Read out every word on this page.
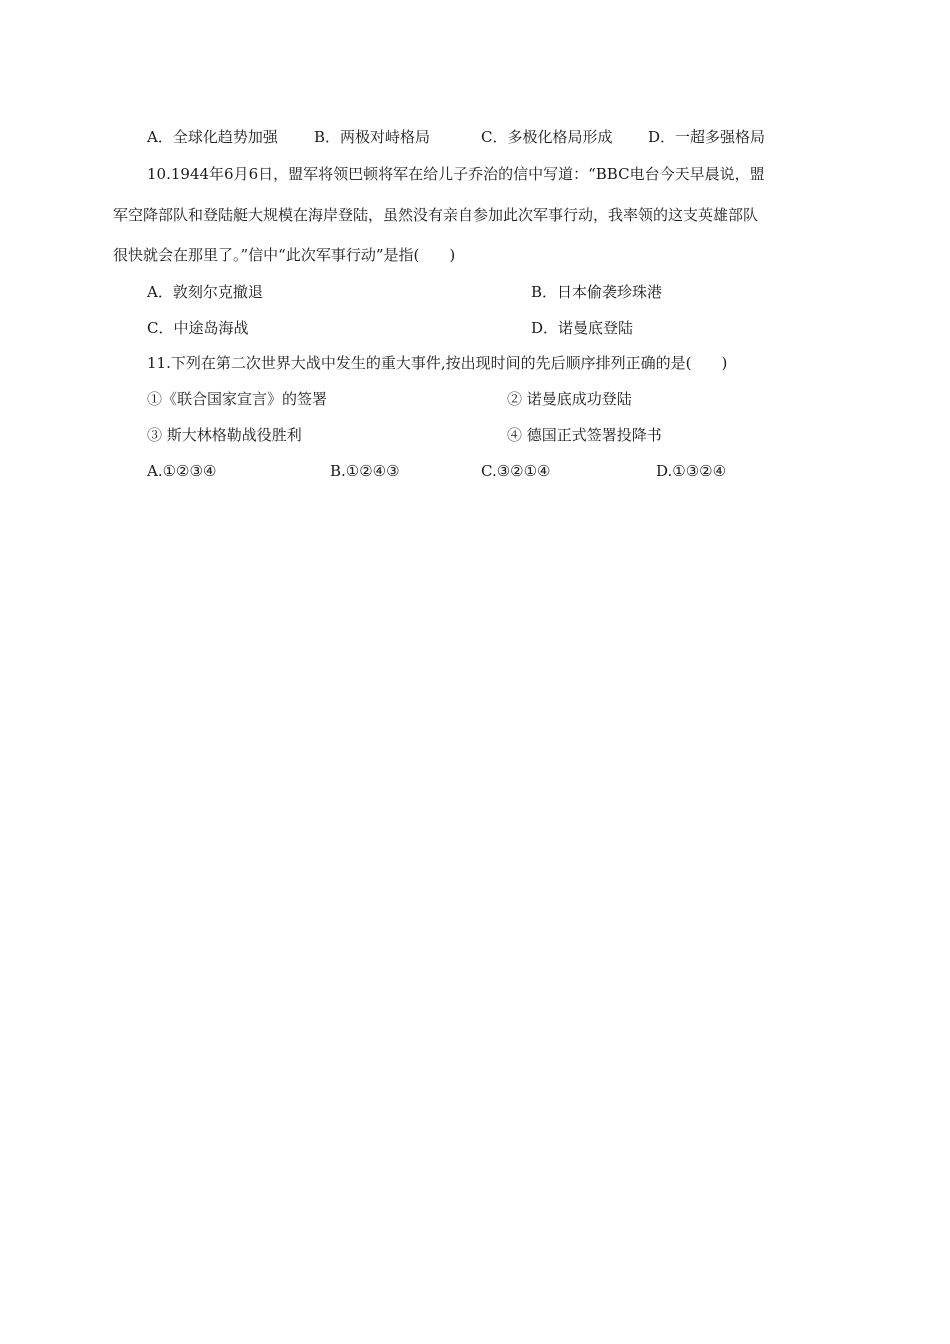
A．全球化趋势加强 B．两极对峙格局	C．多极化格局形成 D．一超多强格局
10.1944年6月6日，盟军将领巴顿将军在给儿子乔治的信中写道：“BBC电台今天早晨说，盟
军空降部队和登陆艇大规模在海岸登陆，虽然没有亲自参加此次军事行动，我率领的这支英雄部队
很快就会在那里了。”信中“此次军事行动”是指(　　)
A．敦刻尔克撤退	B．日本偷袭珍珠港
C．中途岛海战	D．诺曼底登陆
11.下列在第二次世界大战中发生的重大事件,按出现时间的先后顺序排列正确的是(　　)
①《联合国家宣言》的签署	② 诺曼底成功登陆
③ 斯大林格勒战役胜利	④ 德国正式签署投降书
A.①②③④	B.①②④③	C.③②①④	D.①③②④
